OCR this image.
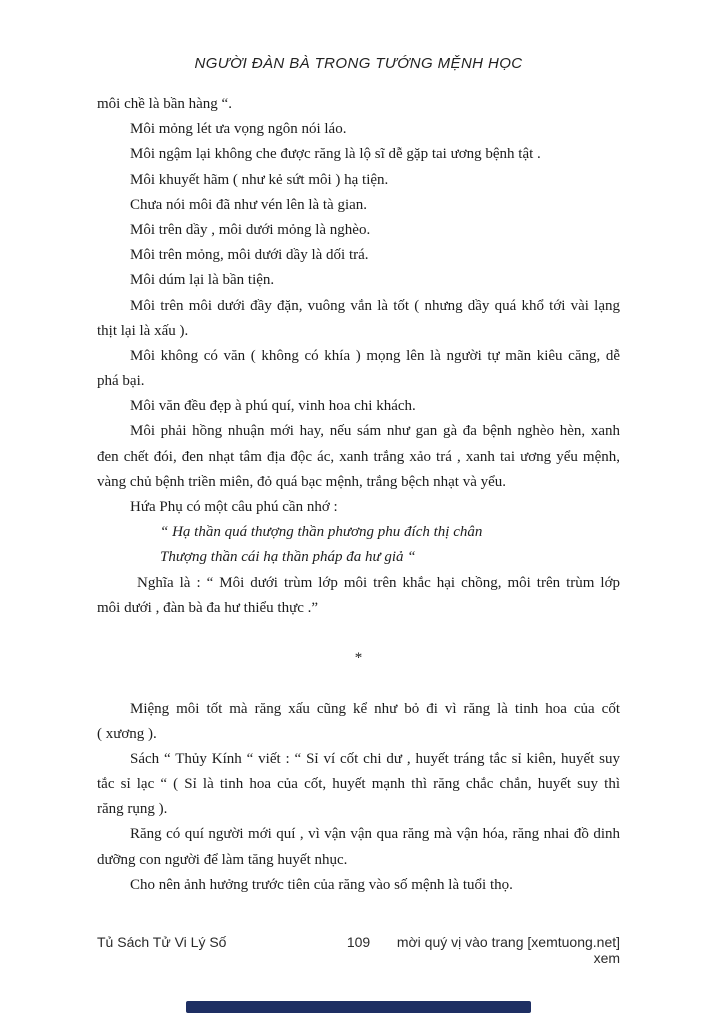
NGƯỜI ĐÀN BÀ TRONG TƯỚNG MỆNH HỌC
môi chề là bần hàng “.
Môi mỏng lét ưa vọng ngôn nói láo.
Môi ngậm lại không che được răng là lộ sĩ dễ gặp tai ương bệnh tật .
Môi khuyết hãm ( như kẻ sứt môi ) hạ tiện.
Chưa nói môi đã như vén lên là tà gian.
Môi trên dầy , môi dưới mỏng là nghèo.
Môi trên mỏng, môi dưới dầy là dối trá.
Môi dúm lại là bần tiện.
Môi trên môi dưới đầy đặn, vuông vắn là tốt ( nhưng dầy quá khổ tới vài lạng
thịt lại là xấu ).
Môi không có văn ( không có khía ) mọng lên là người tự mãn kiêu căng, dễ
phá bại.
Môi văn đều đẹp à phú quí, vinh hoa chi khách.
Môi phải hồng nhuận mới hay, nếu sám như gan gà đa bệnh nghèo hèn, xanh
đen chết đói, đen nhạt tâm địa độc ác, xanh trắng xảo trá , xanh tai ương yểu mệnh,
vàng chủ bệnh triền miên, đỏ quá bạc mệnh, trắng bệch nhạt và yểu.
Hứa Phụ có một câu phú cần nhớ :
“ Hạ thần quá thượng thần phương phu đích thị chân
Thượng thần cái hạ thần pháp đa hư giả “
Nghĩa là : “ Môi dưới trùm lớp môi trên khắc hại chồng, môi trên trùm lớp
môi dưới , đàn bà đa hư thiểu thực .”

*

Miệng môi tốt mà răng xấu cũng kể như bỏ đi vì răng là tinh hoa của cốt
( xương ).
Sách “ Thủy Kính “ viết : “ Sỉ ví cốt chi dư , huyết tráng tắc sỉ kiên, huyết suy
tắc sỉ lạc “ ( Sỉ là tinh hoa của cốt, huyết mạnh thì răng chắc chắn, huyết suy thì
răng rụng ).
Răng có quí người mới quí , vì vận vận qua răng mà vận hóa, răng nhai đồ dinh
dưỡng con người để làm tăng huyết nhục.
Cho nên ảnh hưởng trước tiên của răng vào số mệnh là tuổi thọ.
Tủ Sách Tử Vi Lý Số	109	mời quý vị vào trang [xemtuong.net] xem
